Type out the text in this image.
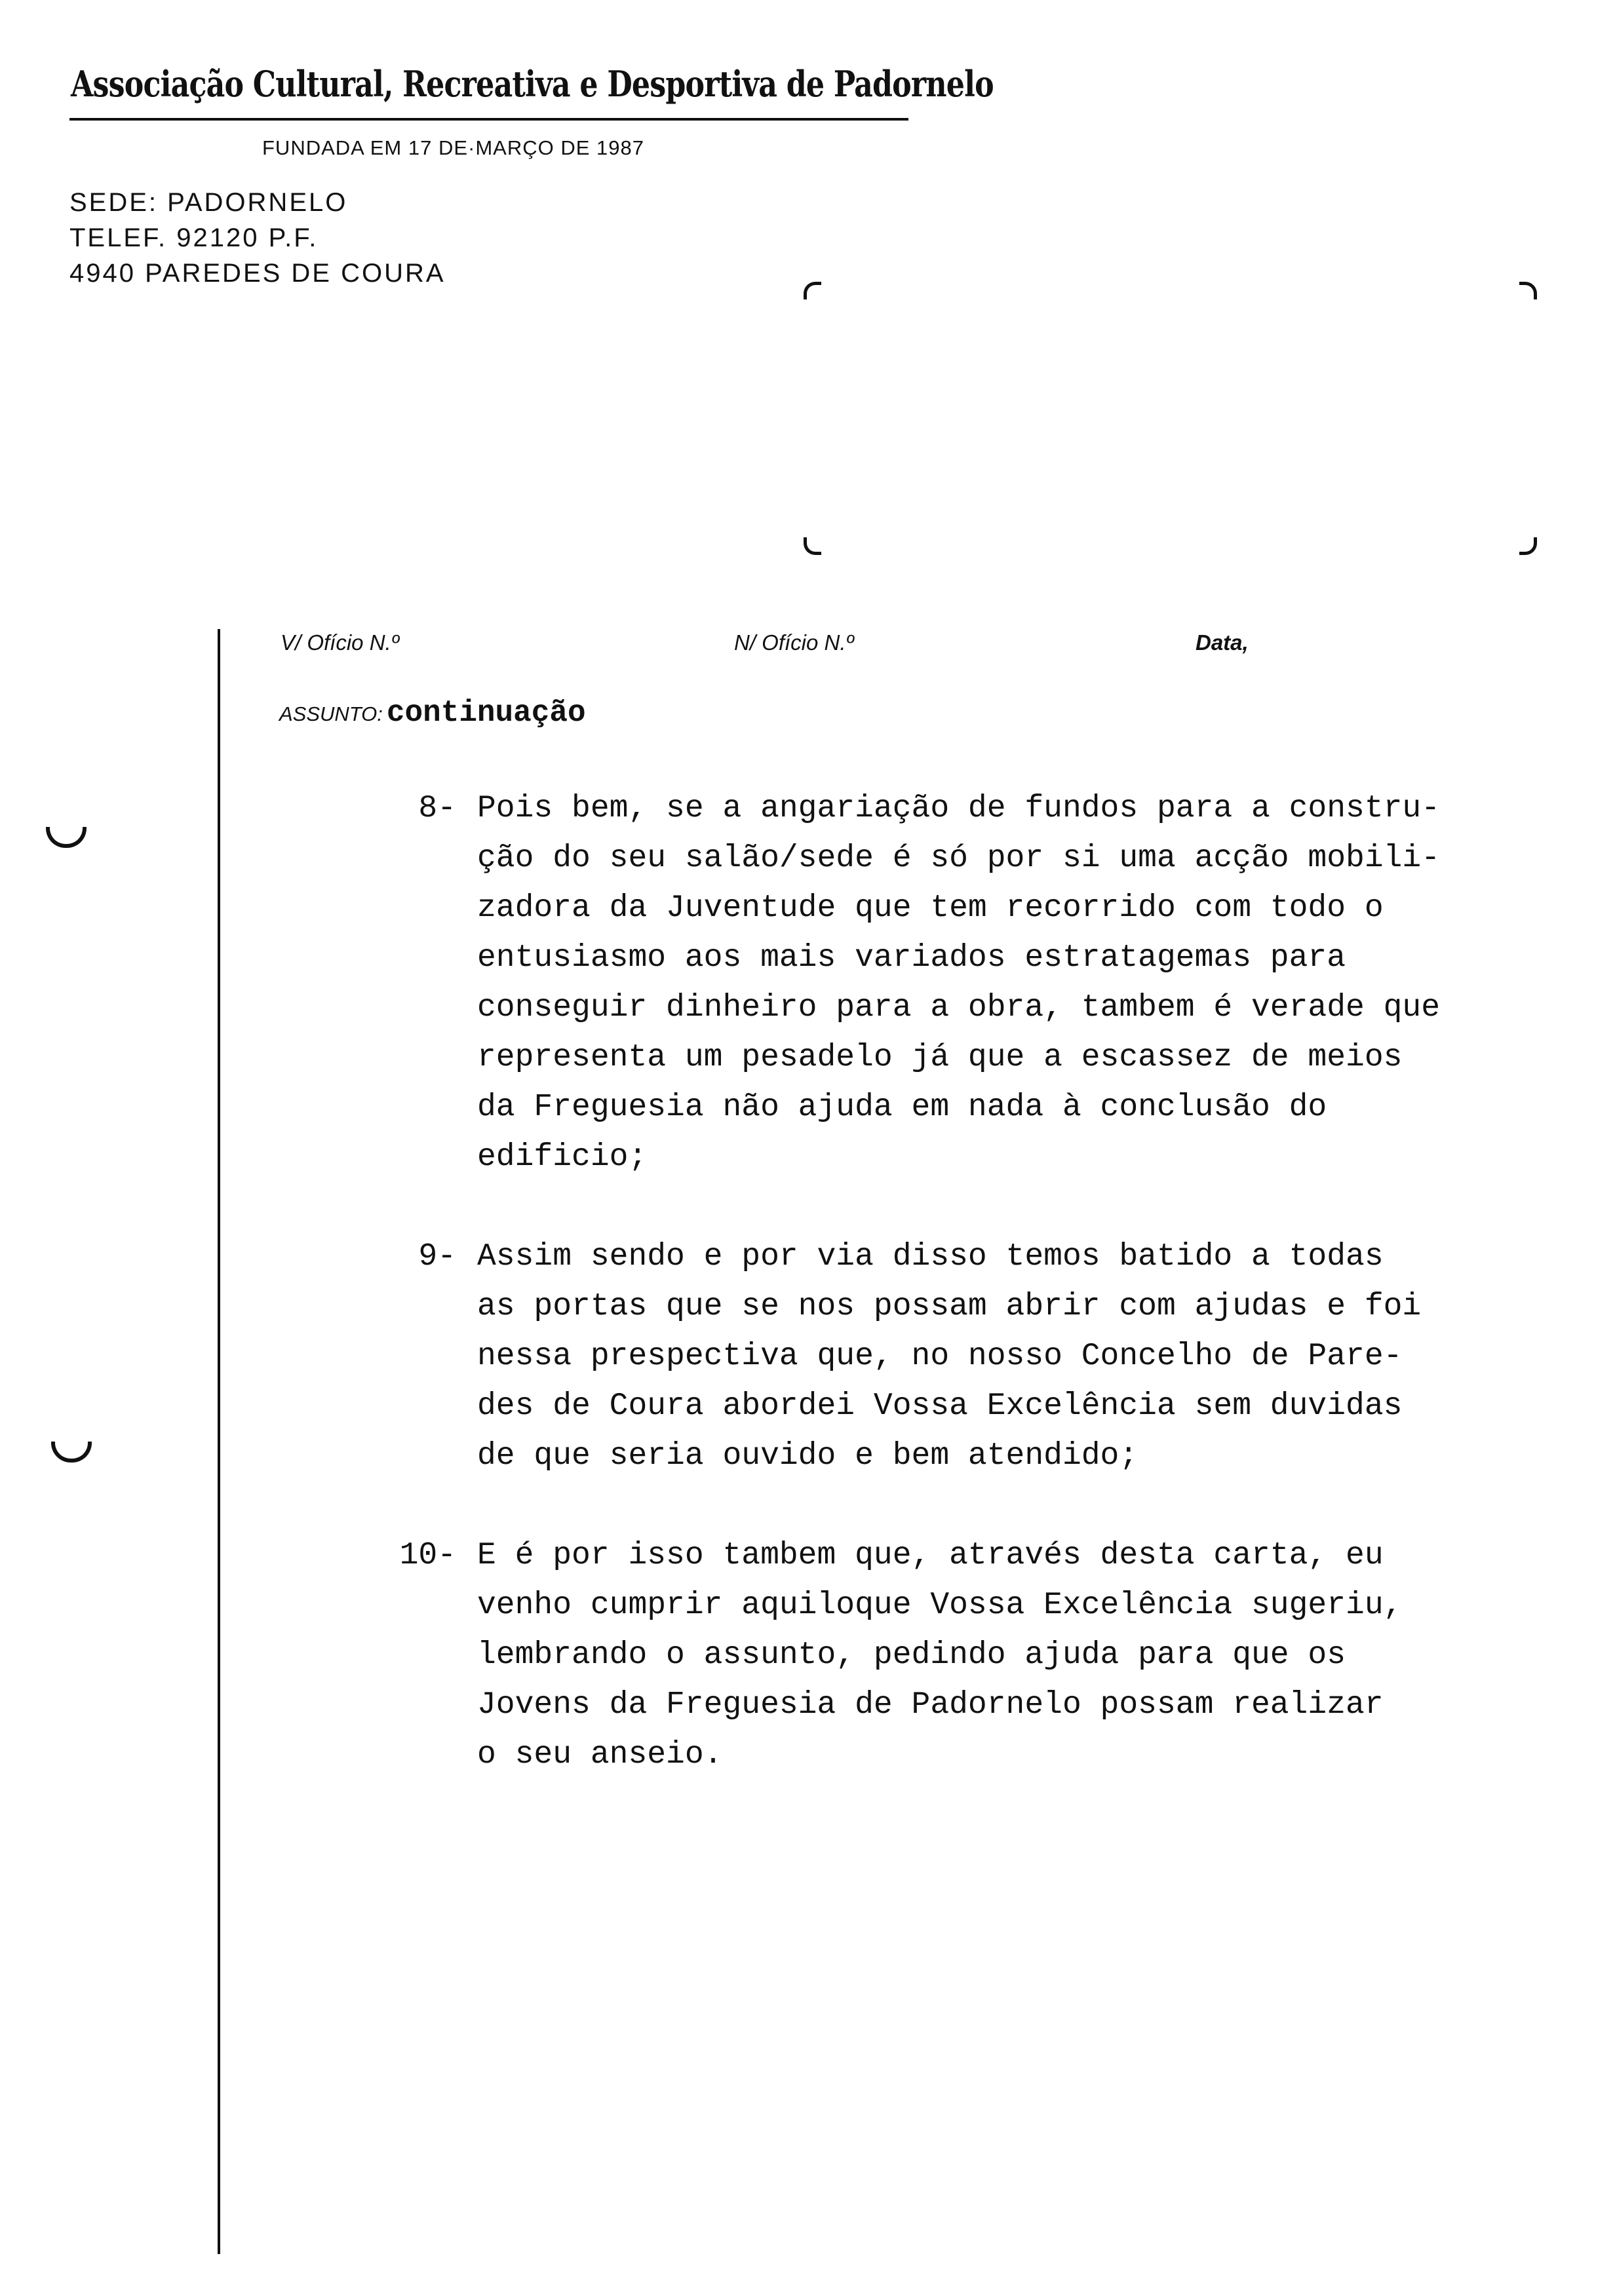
Associação Cultural, Recreativa e Desportiva de Padornelo
FUNDADA EM 17 DE·MARÇO DE 1987
SEDE: PADORNELO
TELEF. 92120 P.F.
4940 PAREDES DE COURA
V/ Ofício N.º	N/ Ofício N.º	Data,
ASSUNTO: continuação
8- Pois bem, se a angariação de fundos para a constru-
ção do seu salão/sede é só por si uma acção mobili-
zadora da Juventude que tem recorrido com todo o
entusiasmo aos mais variados estratagemas para
conseguir dinheiro para a obra, tambem é verade que
representa um pesadelo já que a escassez de meios
da Freguesia não ajuda em nada à conclusão do
edificio;
9- Assim sendo e por via disso temos batido a todas
as portas que se nos possam abrir com ajudas e foi
nessa prespectiva que, no nosso Concelho de Pare-
des de Coura abordei Vossa Excelência sem duvidas
de que seria ouvido e bem atendido;
10- E é por isso tambem que, através desta carta, eu
venho cumprir aquiloque Vossa Excelência sugeriu,
lembrando o assunto, pedindo ajuda para que os
Jovens da Freguesia de Padornelo possam realizar
o seu anseio.
